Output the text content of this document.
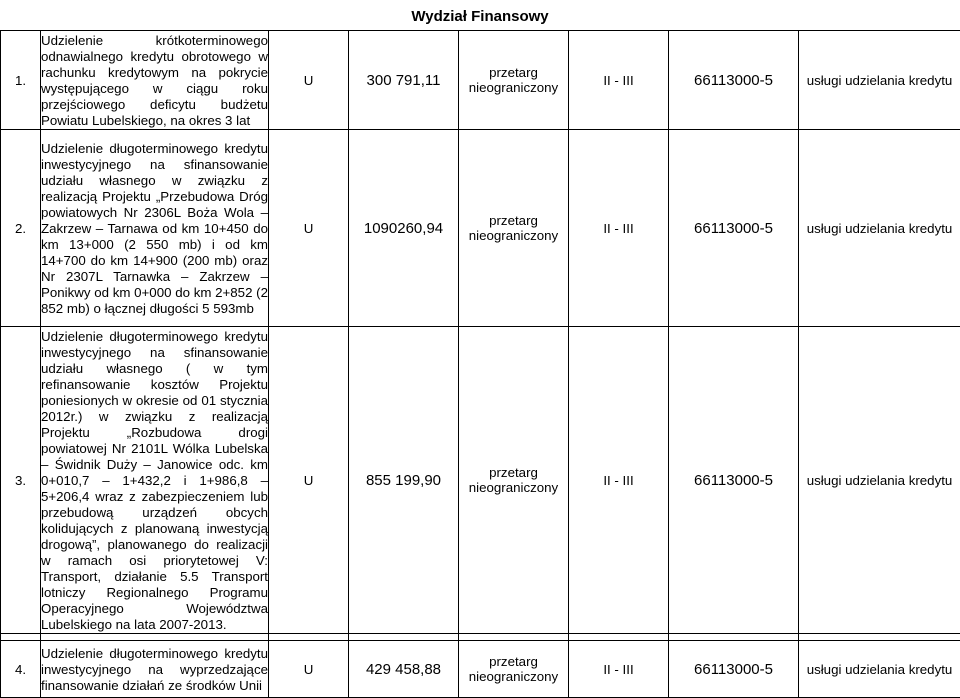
Wydział Finansowy
1.	Udzielenie krótkoterminowego odnawialnego kredytu obrotowego w rachunku kredytowym na pokrycie występującego w ciągu roku przejściowego deficytu budżetu Powiatu Lubelskiego, na okres 3 lat	U	300 791,11	przetarg nieograniczony	II - III	66113000-5	usługi udzielania kredytu
2.	Udzielenie długoterminowego kredytu inwestycyjnego na sfinansowanie udziału własnego w związku z realizacją Projektu „Przebudowa Dróg powiatowych Nr 2306L Boża Wola – Zakrzew – Tarnawa od km 10+450 do km 13+000 (2 550 mb) i od km 14+700 do km 14+900 (200 mb) oraz Nr 2307L Tarnawka – Zakrzew – Ponikwy od km 0+000 do km 2+852 (2 852 mb) o łącznej długości 5 593mb	U	1090260,94	przetarg nieograniczony	II - III	66113000-5	usługi udzielania kredytu
3.	Udzielenie długoterminowego kredytu inwestycyjnego na sfinansowanie udziału własnego ( w tym refinansowanie kosztów Projektu poniesionych w okresie od 01 stycznia 2012r.) w związku z realizacją Projektu „Rozbudowa drogi powiatowej Nr 2101L Wólka Lubelska – Świdnik Duży – Janowice odc. km 0+010,7 – 1+432,2 i 1+986,8 – 5+206,4 wraz z zabezpieczeniem lub przebudową urządzeń obcych kolidujących z planowaną inwestycją drogową”, planowanego do realizacji w ramach osi priorytetowej V: Transport, działanie 5.5 Transport lotniczy Regionalnego Programu Operacyjnego Województwa Lubelskiego na lata 2007-2013.	U	855 199,90	przetarg nieograniczony	II - III	66113000-5	usługi udzielania kredytu

4.	Udzielenie długoterminowego kredytu inwestycyjnego na wyprzedzające finansowanie działań ze środków Unii	U	429 458,88	przetarg nieograniczony	II - III	66113000-5	usługi udzielania kredytu
